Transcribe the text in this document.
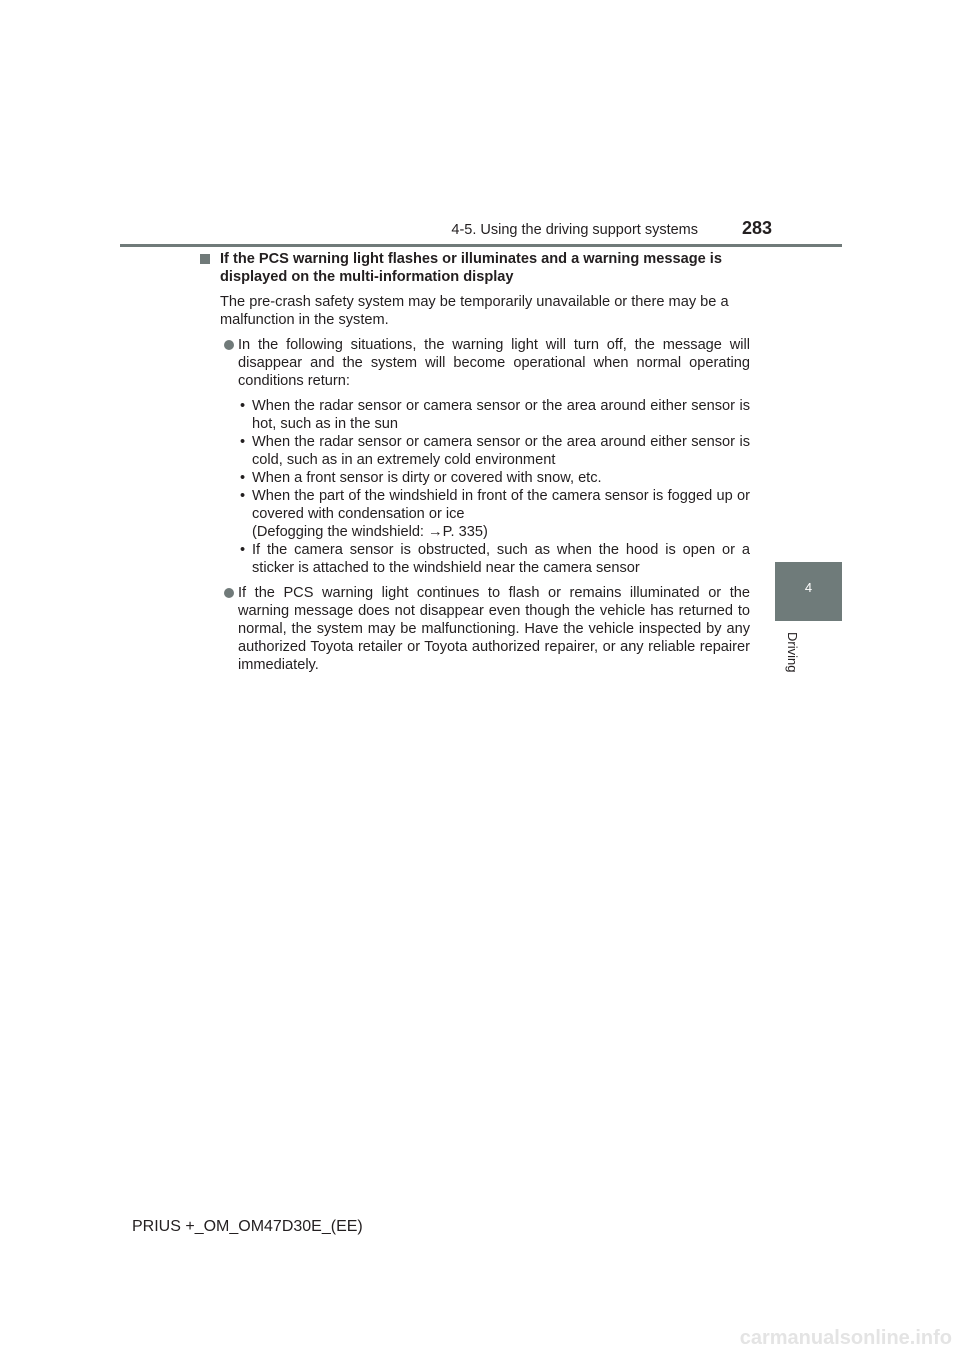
4-5. Using the driving support systems 283
4
Driving
If the PCS warning light flashes or illuminates and a warning message is displayed on the multi-information display
The pre-crash safety system may be temporarily unavailable or there may be a malfunction in the system.
In the following situations, the warning light will turn off, the message will disappear and the system will become operational when normal operating conditions return:
• When the radar sensor or camera sensor or the area around either sensor is hot, such as in the sun
• When the radar sensor or camera sensor or the area around either sensor is cold, such as in an extremely cold environment
• When a front sensor is dirty or covered with snow, etc.
• When the part of the windshield in front of the camera sensor is fogged up or covered with condensation or ice
(Defogging the windshield: →P. 335)
• If the camera sensor is obstructed, such as when the hood is open or a sticker is attached to the windshield near the camera sensor
If the PCS warning light continues to flash or remains illuminated or the warning message does not disappear even though the vehicle has returned to normal, the system may be malfunctioning. Have the vehicle inspected by any authorized Toyota retailer or Toyota authorized repairer, or any reliable repairer immediately.
PRIUS +_OM_OM47D30E_(EE)
carmanualsonline.info
